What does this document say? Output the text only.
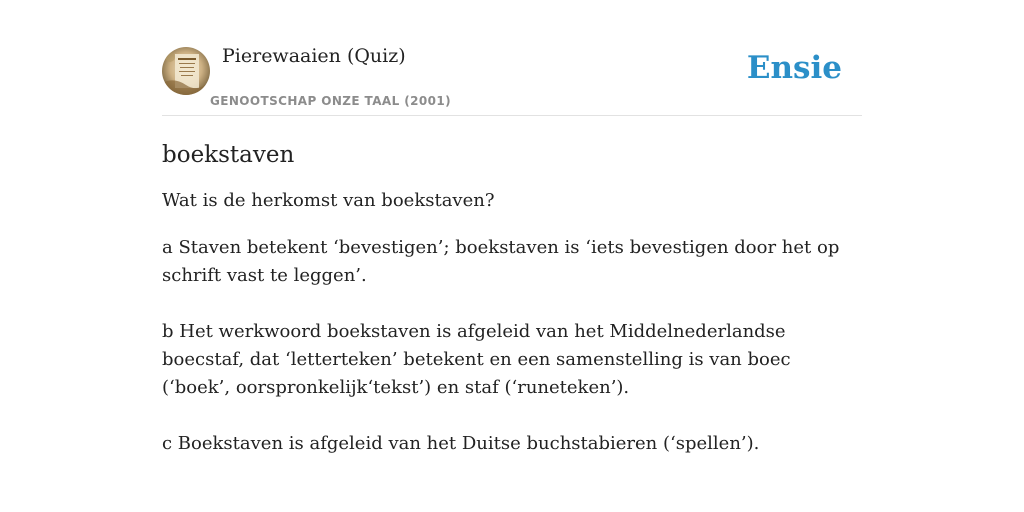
Pierewaaien (Quiz)
GENOOTSCHAP ONZE TAAL (2001)
Ensie
boekstaven

Wat is de herkomst van boekstaven?

a Staven betekent ‘bevestigen’; boekstaven is ‘iets bevestigen door het op schrift vast te leggen’.

b Het werkwoord boekstaven is afgeleid van het Middelnederlandse boecstaf, dat ‘letterteken’ betekent en een samenstelling is van boec (‘boek’, oorspronkelijk‘tekst’) en staf (‘runeteken’).

c Boekstaven is afgeleid van het Duitse buchstabieren (‘spellen’).
